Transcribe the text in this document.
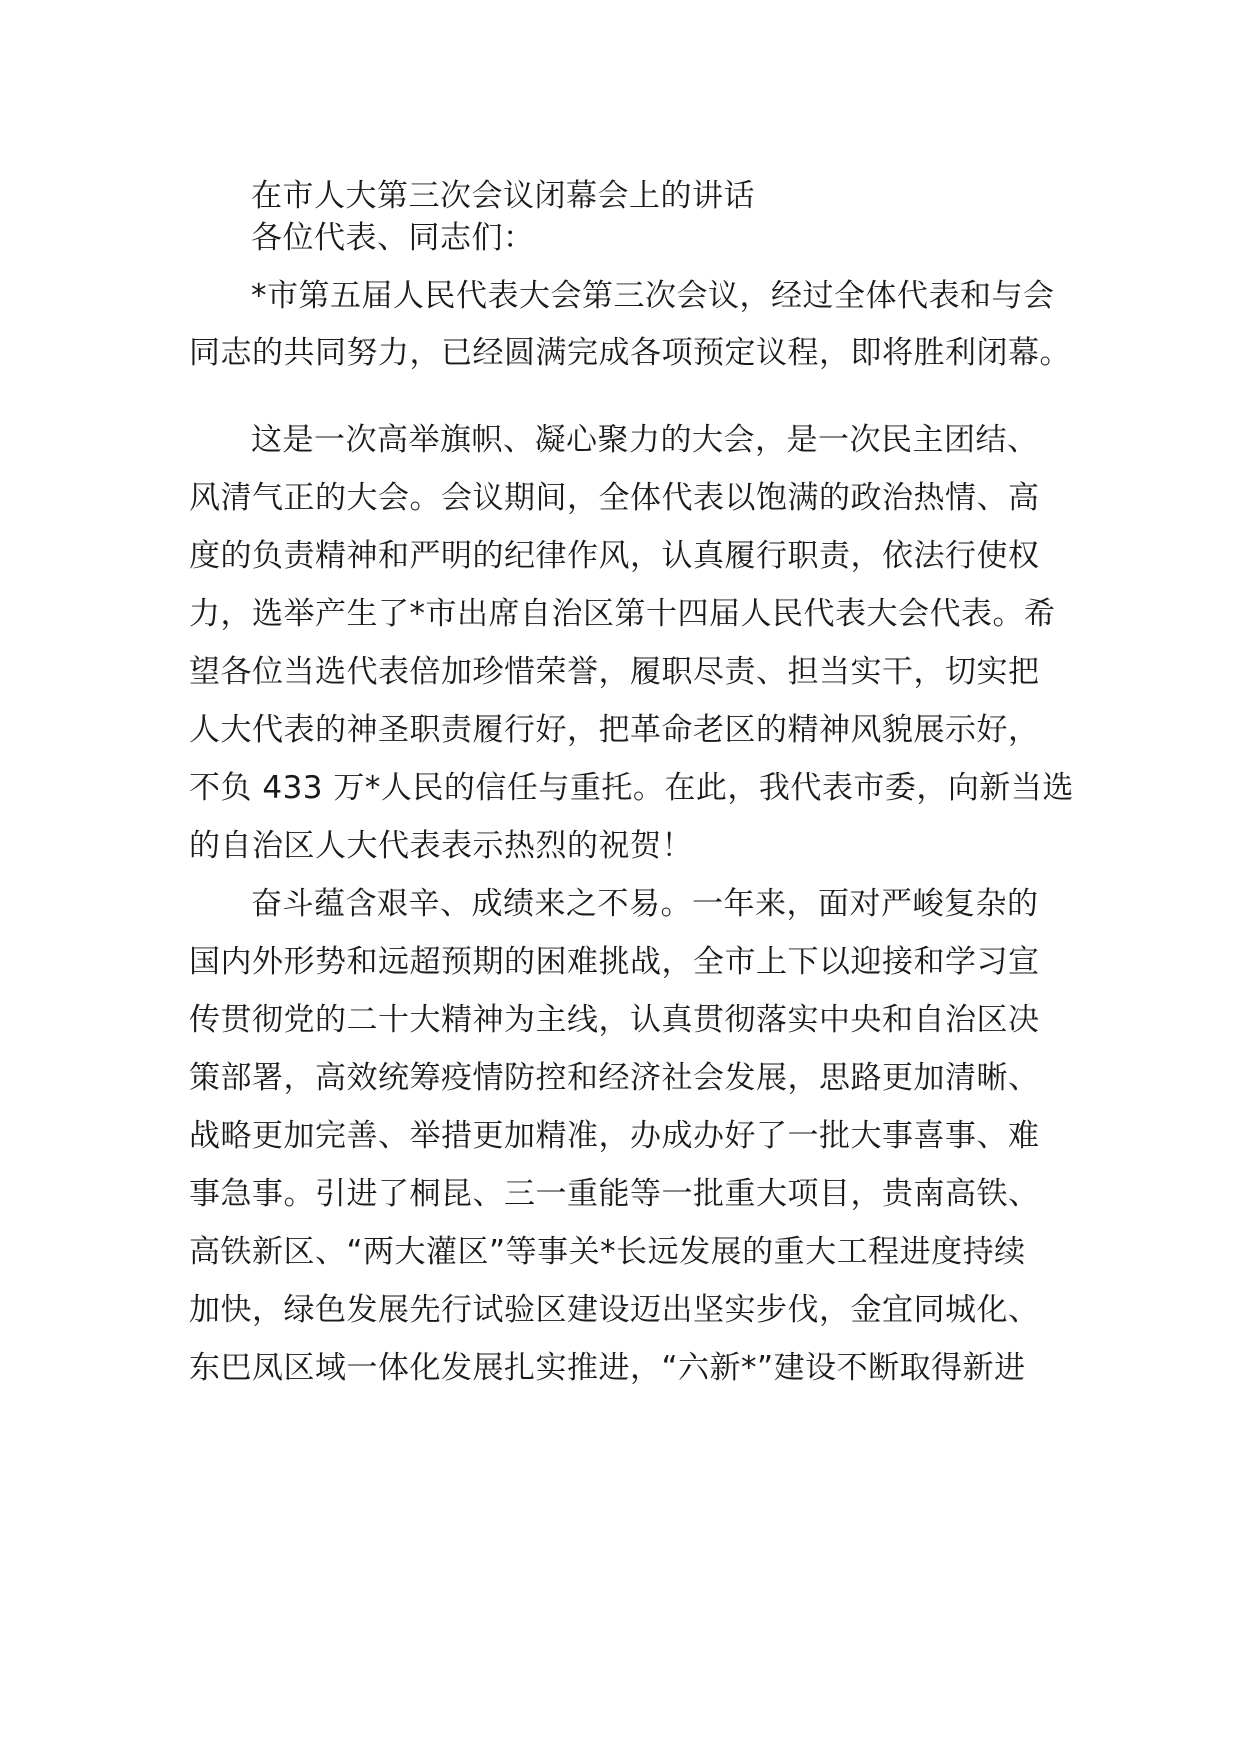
在市人大第三次会议闭幕会上的讲话

各位代表、同志们：

*市第五届人民代表大会第三次会议，经过全体代表和与会

同志的共同努力，已经圆满完成各项预定议程，即将胜利闭幕。

这是一次高举旗帜、凝心聚力的大会，是一次民主团结、

风清气正的大会。会议期间，全体代表以饱满的政治热情、高

度的负责精神和严明的纪律作风，认真履行职责，依法行使权

力，选举产生了*市出席自治区第十四届人民代表大会代表。希

望各位当选代表倍加珍惜荣誉，履职尽责、担当实干，切实把

人大代表的神圣职责履行好，把革命老区的精神风貌展示好，

不负 433 万*人民的信任与重托。在此，我代表市委，向新当选

的自治区人大代表表示热烈的祝贺！

奋斗蕴含艰辛、成绩来之不易。一年来，面对严峻复杂的

国内外形势和远超预期的困难挑战，全市上下以迎接和学习宣

传贯彻党的二十大精神为主线，认真贯彻落实中央和自治区决

策部署，高效统筹疫情防控和经济社会发展，思路更加清晰、

战略更加完善、举措更加精准，办成办好了一批大事喜事、难

事急事。引进了桐昆、三一重能等一批重大项目，贵南高铁、

高铁新区、“两大灌区”等事关*长远发展的重大工程进度持续

加快，绿色发展先行试验区建设迈出坚实步伐，金宜同城化、

东巴凤区域一体化发展扎实推进，“六新*”建设不断取得新进
